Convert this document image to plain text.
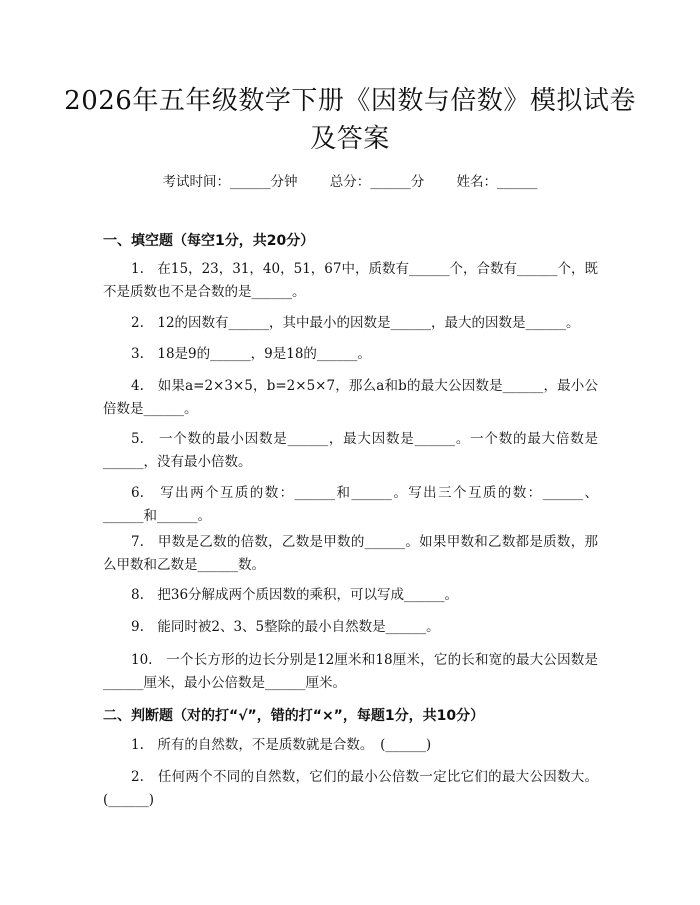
2026年五年级数学下册《因数与倍数》模拟试卷及答案
考试时间：______分钟 总分：______分 姓名：______
一、填空题（每空1分，共20分）
1.　在15，23，31，40，51，67中，质数有______个，合数有______个，既不是质数也不是合数的是______。
2.　12的因数有______，其中最小的因数是______，最大的因数是______。
3.　18是9的______，9是18的______。
4.　如果a=2×3×5，b=2×5×7，那么a和b的最大公因数是______，最小公倍数是______。
5.　一个数的最小因数是______，最大因数是______。一个数的最大倍数是______，没有最小倍数。
6.　写出两个互质的数：______和______。写出三个互质的数：______、______和______。
7.　甲数是乙数的倍数，乙数是甲数的______。如果甲数和乙数都是质数，那么甲数和乙数是______数。
8.　把36分解成两个质因数的乘积，可以写成______。
9.　能同时被2、3、5整除的最小自然数是______。
10.　一个长方形的边长分别是12厘米和18厘米，它的长和宽的最大公因数是______厘米，最小公倍数是______厘米。
二、判断题（对的打“√”，错的打“×”，每题1分，共10分）
1.　所有的自然数，不是质数就是合数。　(______)
2.　任何两个不同的自然数，它们的最小公倍数一定比它们的最大公因数大。(______)
